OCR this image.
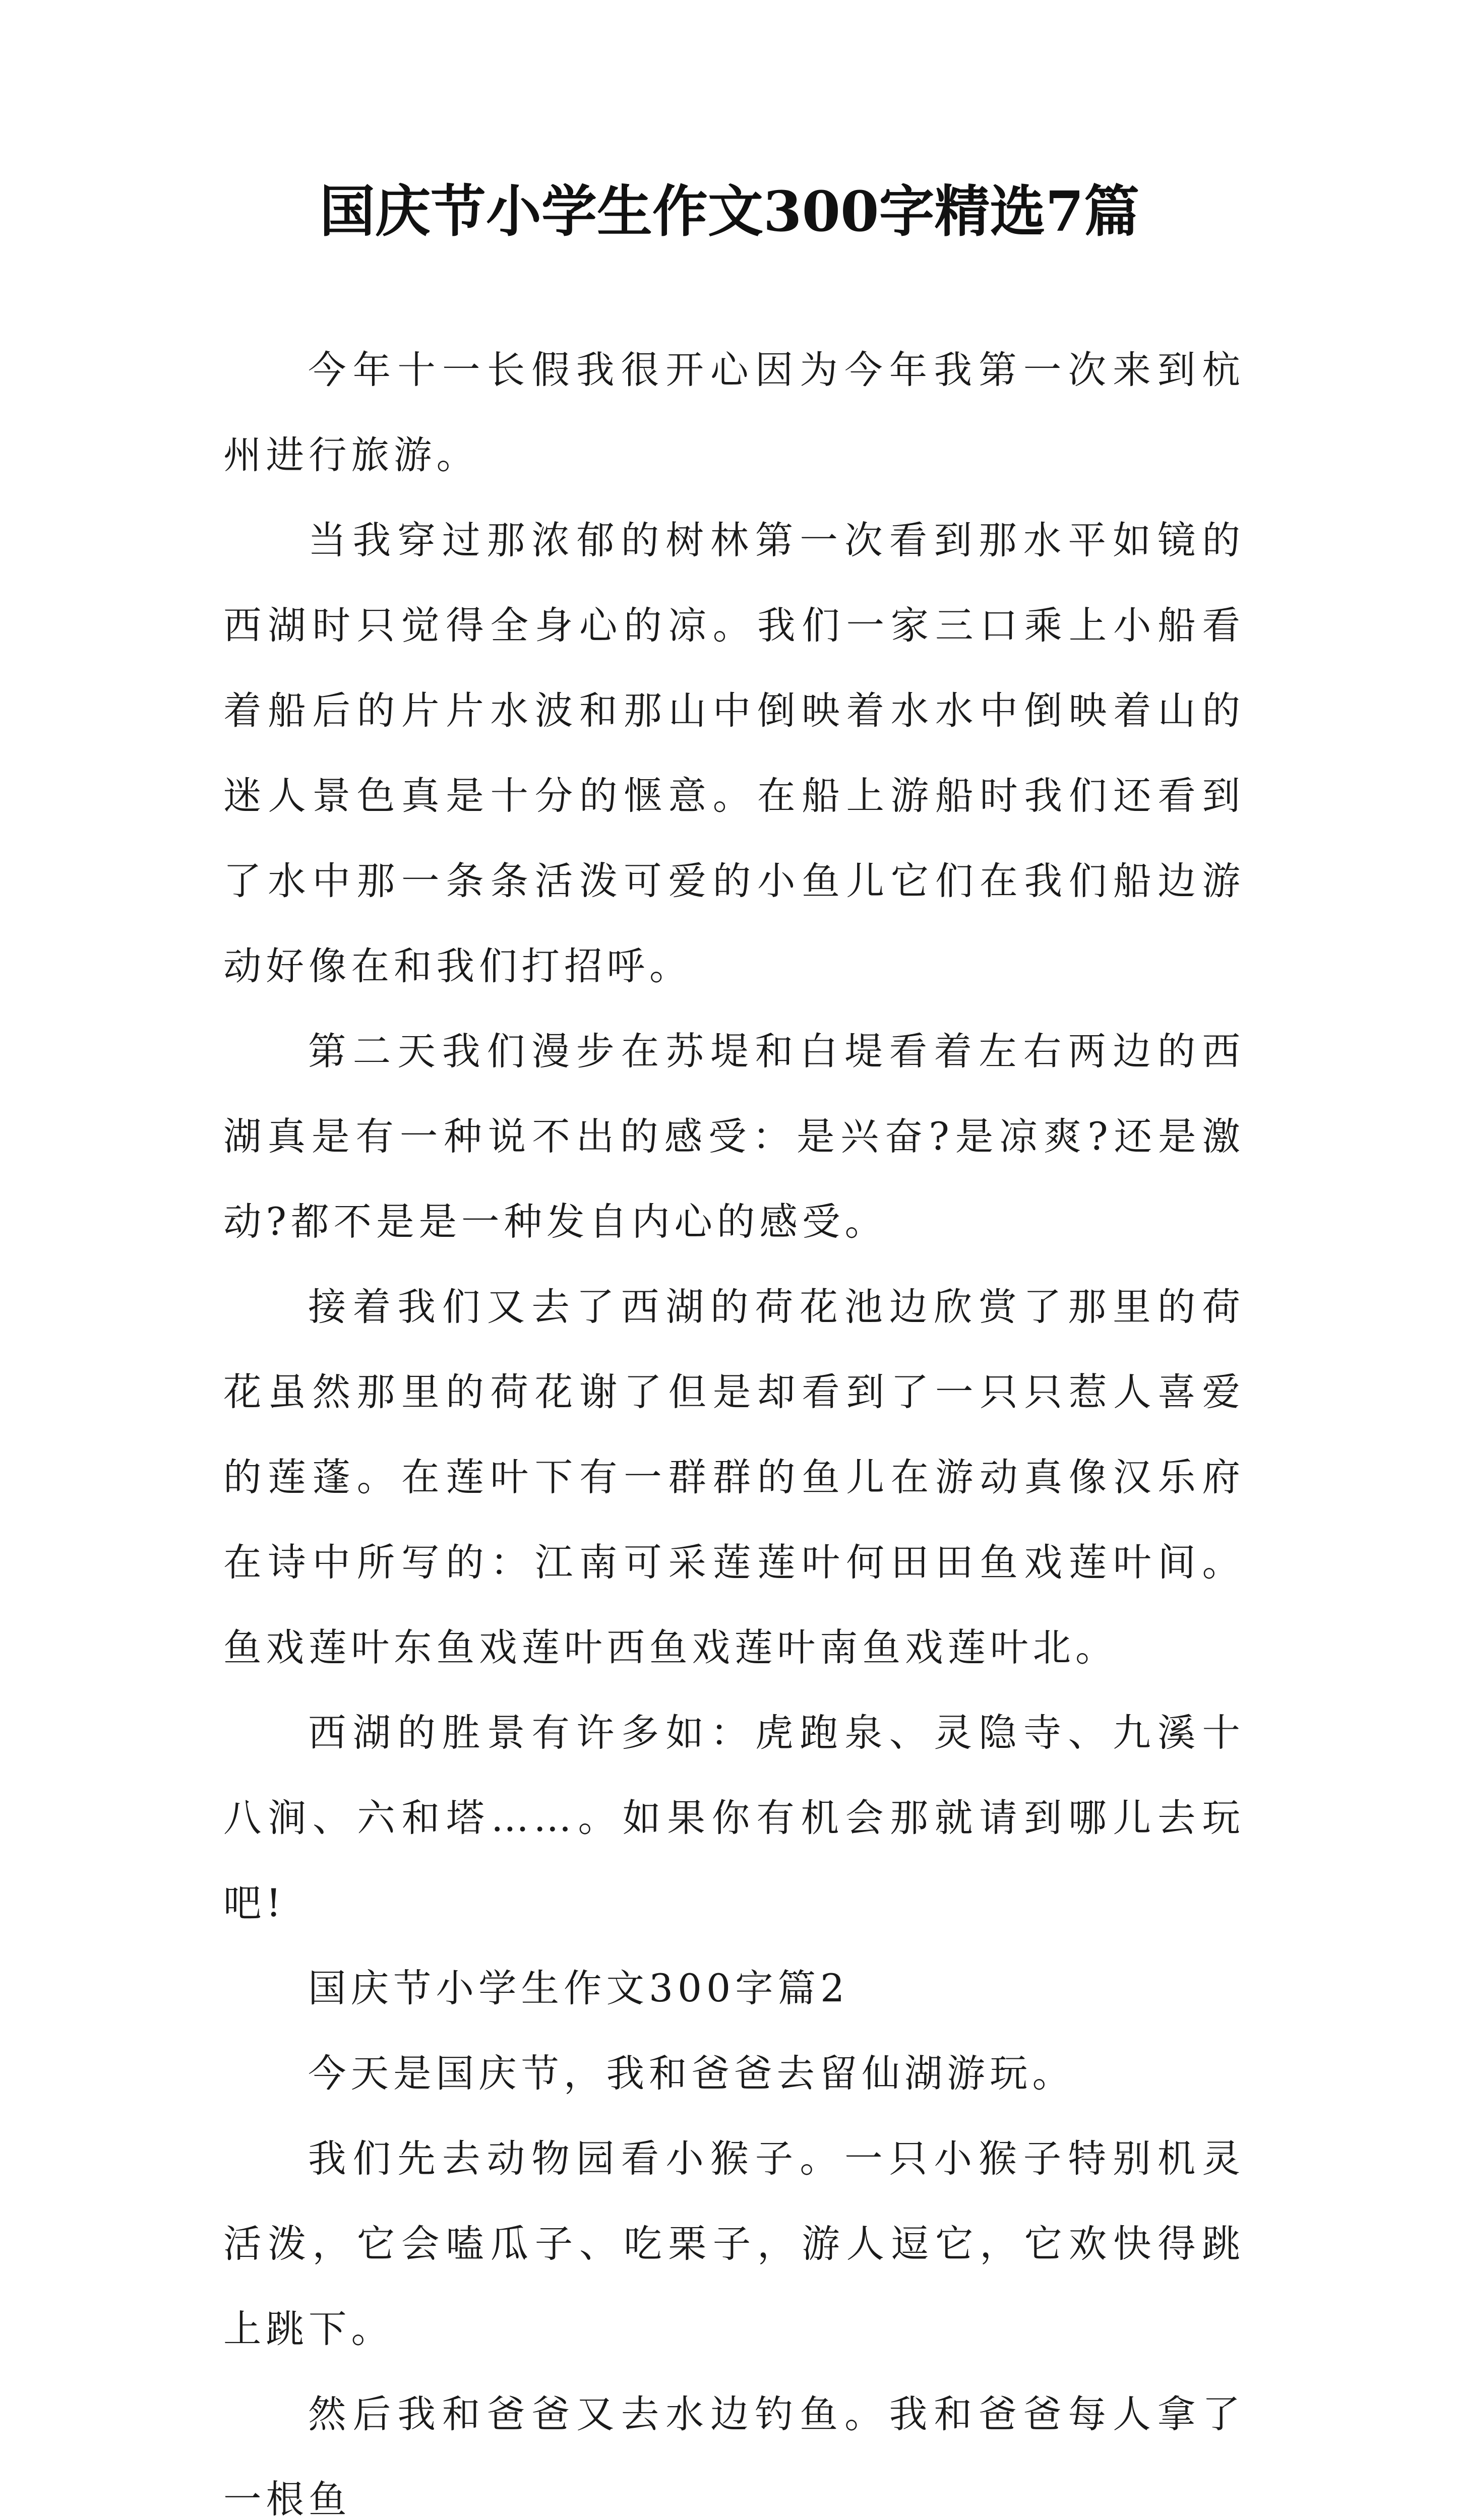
国庆节小学生作文300字精选7篇

今年十一长假我很开心因为今年我第一次来到杭州进行旅游。

当我穿过那浓郁的树林第一次看到那水平如镜的西湖时只觉得全身心的凉。我们一家三口乘上小船看着船后的片片水波和那山中倒映着水水中倒映着山的迷人景色真是十分的惬意。在船上游船时我们还看到了水中那一条条活泼可爱的小鱼儿它们在我们船边游动好像在和我们打招呼。

第二天我们漫步在苏堤和白堤看着左右两边的西湖真是有一种说不出的感受：是兴奋?是凉爽?还是激动?都不是是一种发自内心的感受。

接着我们又去了西湖的荷花池边欣赏了那里的荷花虽然那里的荷花谢了但是却看到了一只只惹人喜爱的莲蓬。在莲叶下有一群群的鱼儿在游动真像汉乐府在诗中所写的：江南可采莲莲叶何田田鱼戏莲叶间。鱼戏莲叶东鱼戏莲叶西鱼戏莲叶南鱼戏莲叶北。

西湖的胜景有许多如：虎跑泉、灵隐寺、九溪十八涧、六和塔……。如果你有机会那就请到哪儿去玩吧!

国庆节小学生作文300字篇2

今天是国庆节，我和爸爸去留仙湖游玩。

我们先去动物园看小猴子。一只小猴子特别机灵活泼，它会嗑瓜子、吃栗子，游人逗它，它欢快得跳上跳下。

然后我和爸爸又去水边钓鱼。我和爸爸每人拿了一根鱼
